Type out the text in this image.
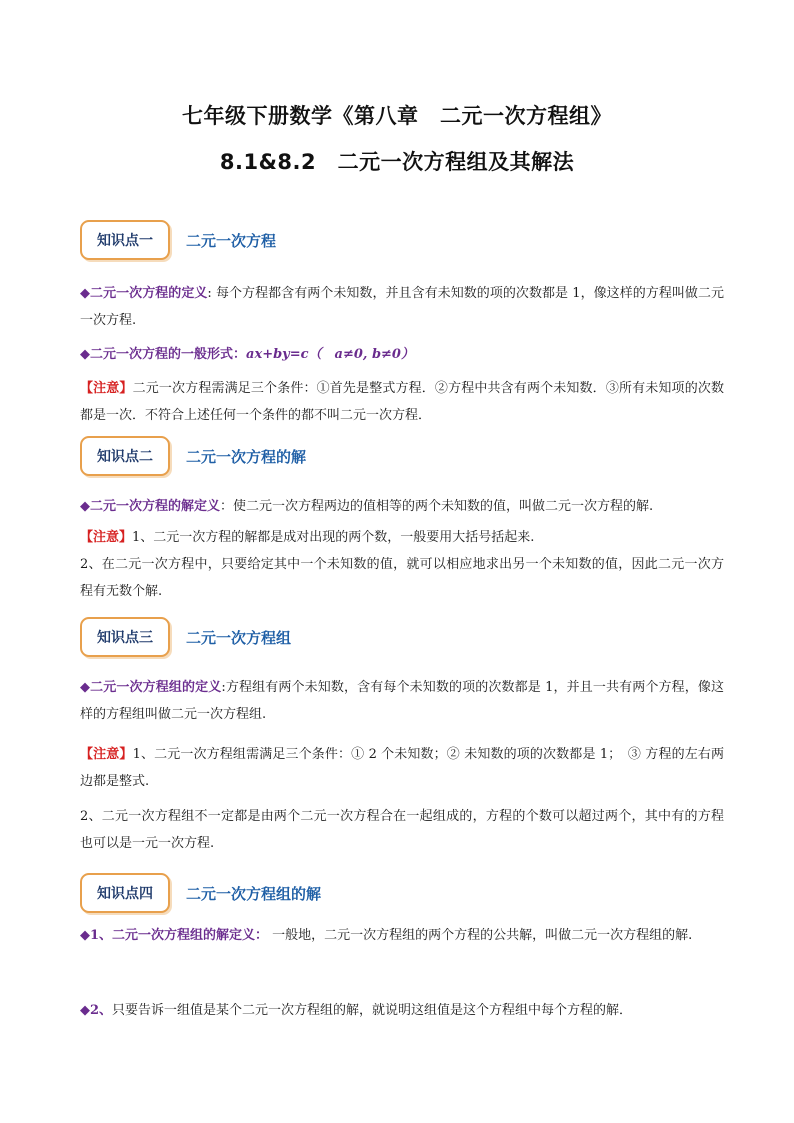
七年级下册数学《第八章　二元一次方程组》
8.1&8.2　二元一次方程组及其解法
知识点一	二元一次方程
◆二元一次方程的定义: 每个方程都含有两个未知数，并且含有未知数的项的次数都是 1，像这样的方程叫做二元一次方程.
◆二元一次方程的一般形式：ax+by=c（　a≠0, b≠0）
【注意】二元一次方程需满足三个条件：①首先是整式方程．②方程中共含有两个未知数．③所有未知项的次数都是一次．不符合上述任何一个条件的都不叫二元一次方程．
知识点二	二元一次方程的解
◆二元一次方程的解定义：使二元一次方程两边的值相等的两个未知数的值，叫做二元一次方程的解.
【注意】1、二元一次方程的解都是成对出现的两个数，一般要用大括号括起来.
2、在二元一次方程中，只要给定其中一个未知数的值，就可以相应地求出另一个未知数的值，因此二元一次方程有无数个解.
知识点三	二元一次方程组
◆二元一次方程组的定义:方程组有两个未知数，含有每个未知数的项的次数都是 1，并且一共有两个方程，像这样的方程组叫做二元一次方程组.
【注意】1、二元一次方程组需满足三个条件：① 2 个未知数；② 未知数的项的次数都是 1；　③ 方程的左右两边都是整式.
2、二元一次方程组不一定都是由两个二元一次方程合在一起组成的，方程的个数可以超过两个，其中有的方程也可以是一元一次方程.
知识点四	二元一次方程组的解
◆1、二元一次方程组的解定义： 一般地，二元一次方程组的两个方程的公共解，叫做二元一次方程组的解.
◆2、只要告诉一组值是某个二元一次方程组的解，就说明这组值是这个方程组中每个方程的解．
